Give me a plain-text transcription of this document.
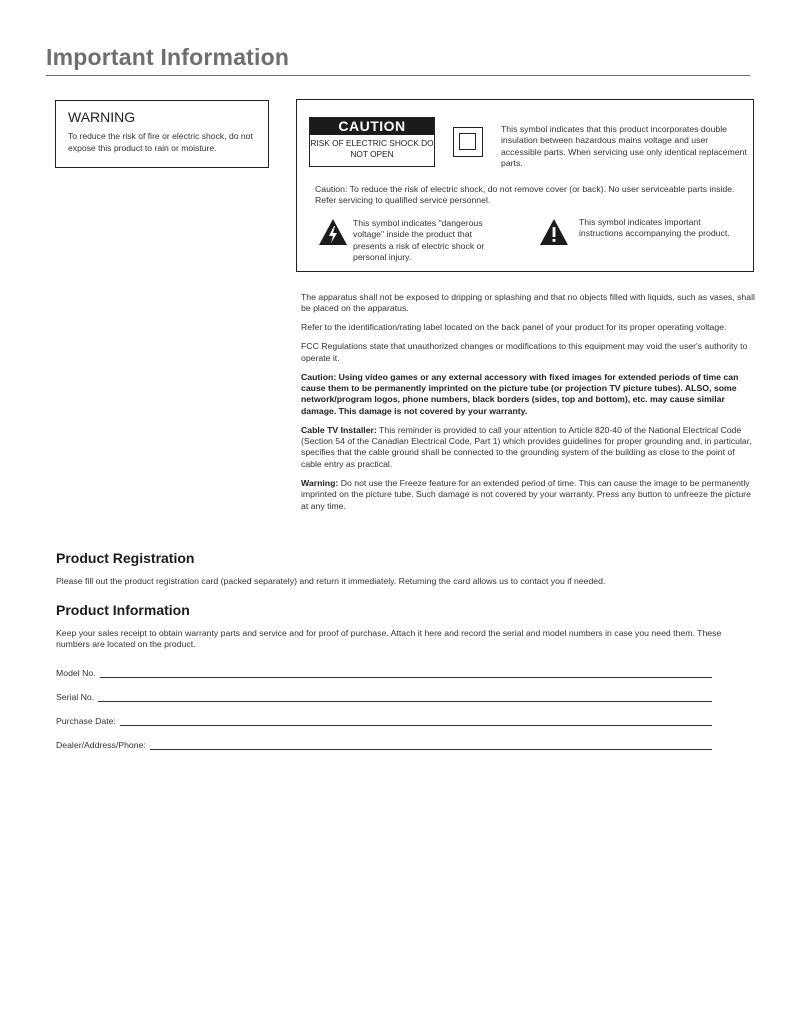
Important Information
WARNING
To reduce the risk of fire or electric shock, do not expose this product to rain or moisture.
CAUTION
RISK OF ELECTRIC SHOCK DO NOT OPEN
This symbol indicates that this product incorporates double insulation between hazardous mains voltage and user accessible parts. When servicing use only identical replacement parts.
Caution: To reduce the risk of electric shock, do not remove cover (or back). No user serviceable parts inside. Refer servicing to qualified service personnel.
This symbol indicates "dangerous voltage" inside the product that presents a risk of electric shock or personal injury.
This symbol indicates important instructions accompanying the product.

The apparatus shall not be exposed to dripping or splashing and that no objects filled with liquids, such as vases, shall be placed on the apparatus.

Refer to the identification/rating label located on the back panel of your product for its proper operating voltage.

FCC Regulations state that unauthorized changes or modifications to this equipment may void the user's authority to operate it.

Caution: Using video games or any external accessory with fixed images for extended periods of time can cause them to be permanently imprinted on the picture tube (or projection TV picture tubes). ALSO, some network/program logos, phone numbers, black borders (sides, top and bottom), etc. may cause similar damage. This damage is not covered by your warranty.

Cable TV Installer: This reminder is provided to call your attention to Article 820-40 of the National Electrical Code (Section 54 of the Canadian Electrical Code, Part 1) which provides guidelines for proper grounding and, in particular, specifies that the cable ground shall be connected to the grounding system of the building as close to the point of cable entry as practical.

Warning: Do not use the Freeze feature for an extended period of time. This can cause the image to be permanently imprinted on the picture tube. Such damage is not covered by your warranty. Press any button to unfreeze the picture at any time.

Product Registration
Please fill out the product registration card (packed separately) and return it immediately. Returning the card allows us to contact you if needed.
Product Information
Keep your sales receipt to obtain warranty parts and service and for proof of purchase. Attach it here and record the serial and model numbers in case you need them. These numbers are located on the product.
Model No.
Serial No.
Purchase Date:
Dealer/Address/Phone:
